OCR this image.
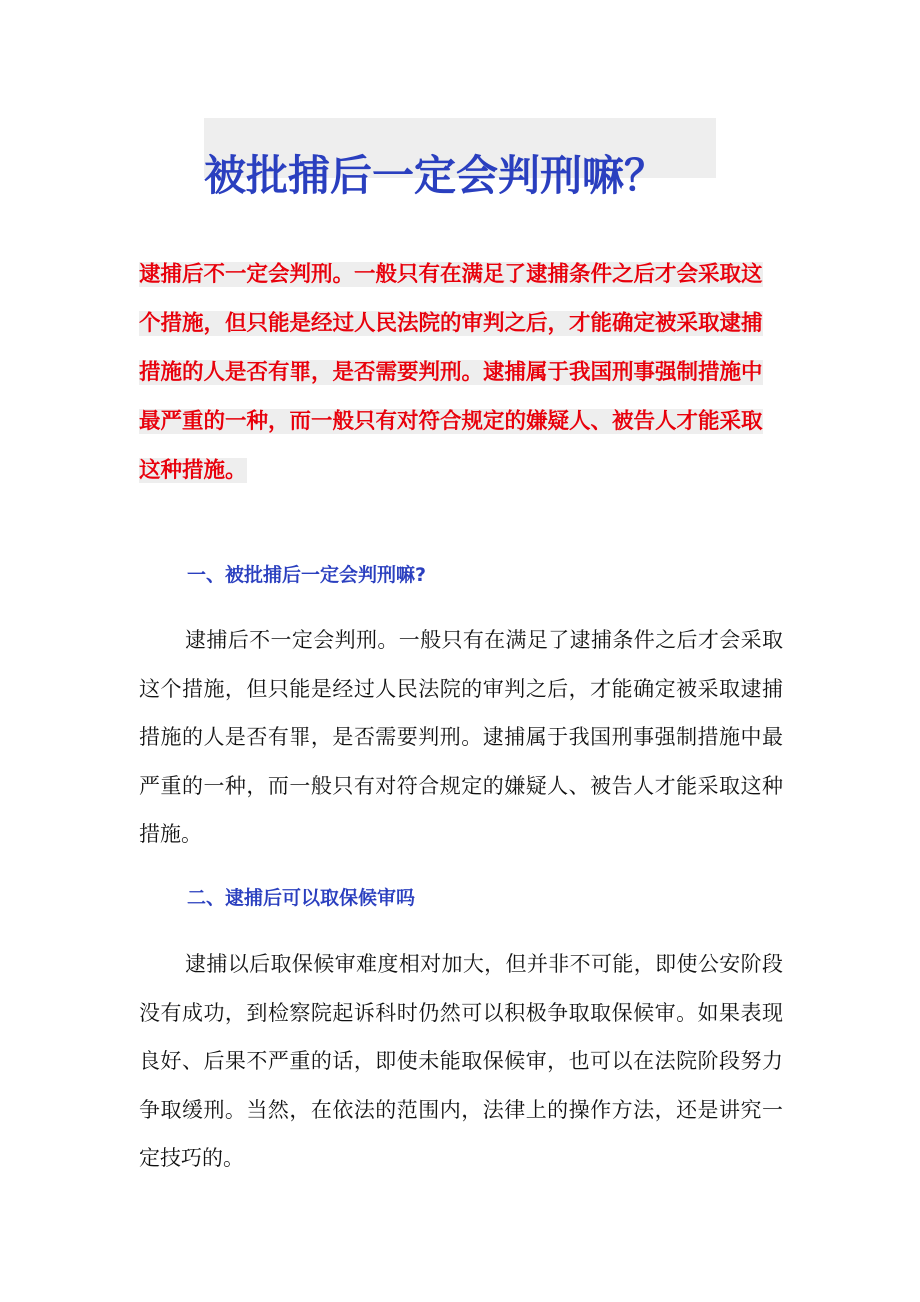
被批捕后一定会判刑嘛？

逮捕后不一定会判刑。一般只有在满足了逮捕条件之后才会采取这个措施，但只能是经过人民法院的审判之后，才能确定被采取逮捕措施的人是否有罪，是否需要判刑。逮捕属于我国刑事强制措施中最严重的一种，而一般只有对符合规定的嫌疑人、被告人才能采取这种措施。

一、被批捕后一定会判刑嘛?

逮捕后不一定会判刑。一般只有在满足了逮捕条件之后才会采取这个措施，但只能是经过人民法院的审判之后，才能确定被采取逮捕措施的人是否有罪，是否需要判刑。逮捕属于我国刑事强制措施中最严重的一种，而一般只有对符合规定的嫌疑人、被告人才能采取这种措施。

二、逮捕后可以取保候审吗

逮捕以后取保候审难度相对加大，但并非不可能，即使公安阶段没有成功，到检察院起诉科时仍然可以积极争取取保候审。如果表现良好、后果不严重的话，即使未能取保候审，也可以在法院阶段努力争取缓刑。当然，在依法的范围内，法律上的操作方法，还是讲究一定技巧的。
